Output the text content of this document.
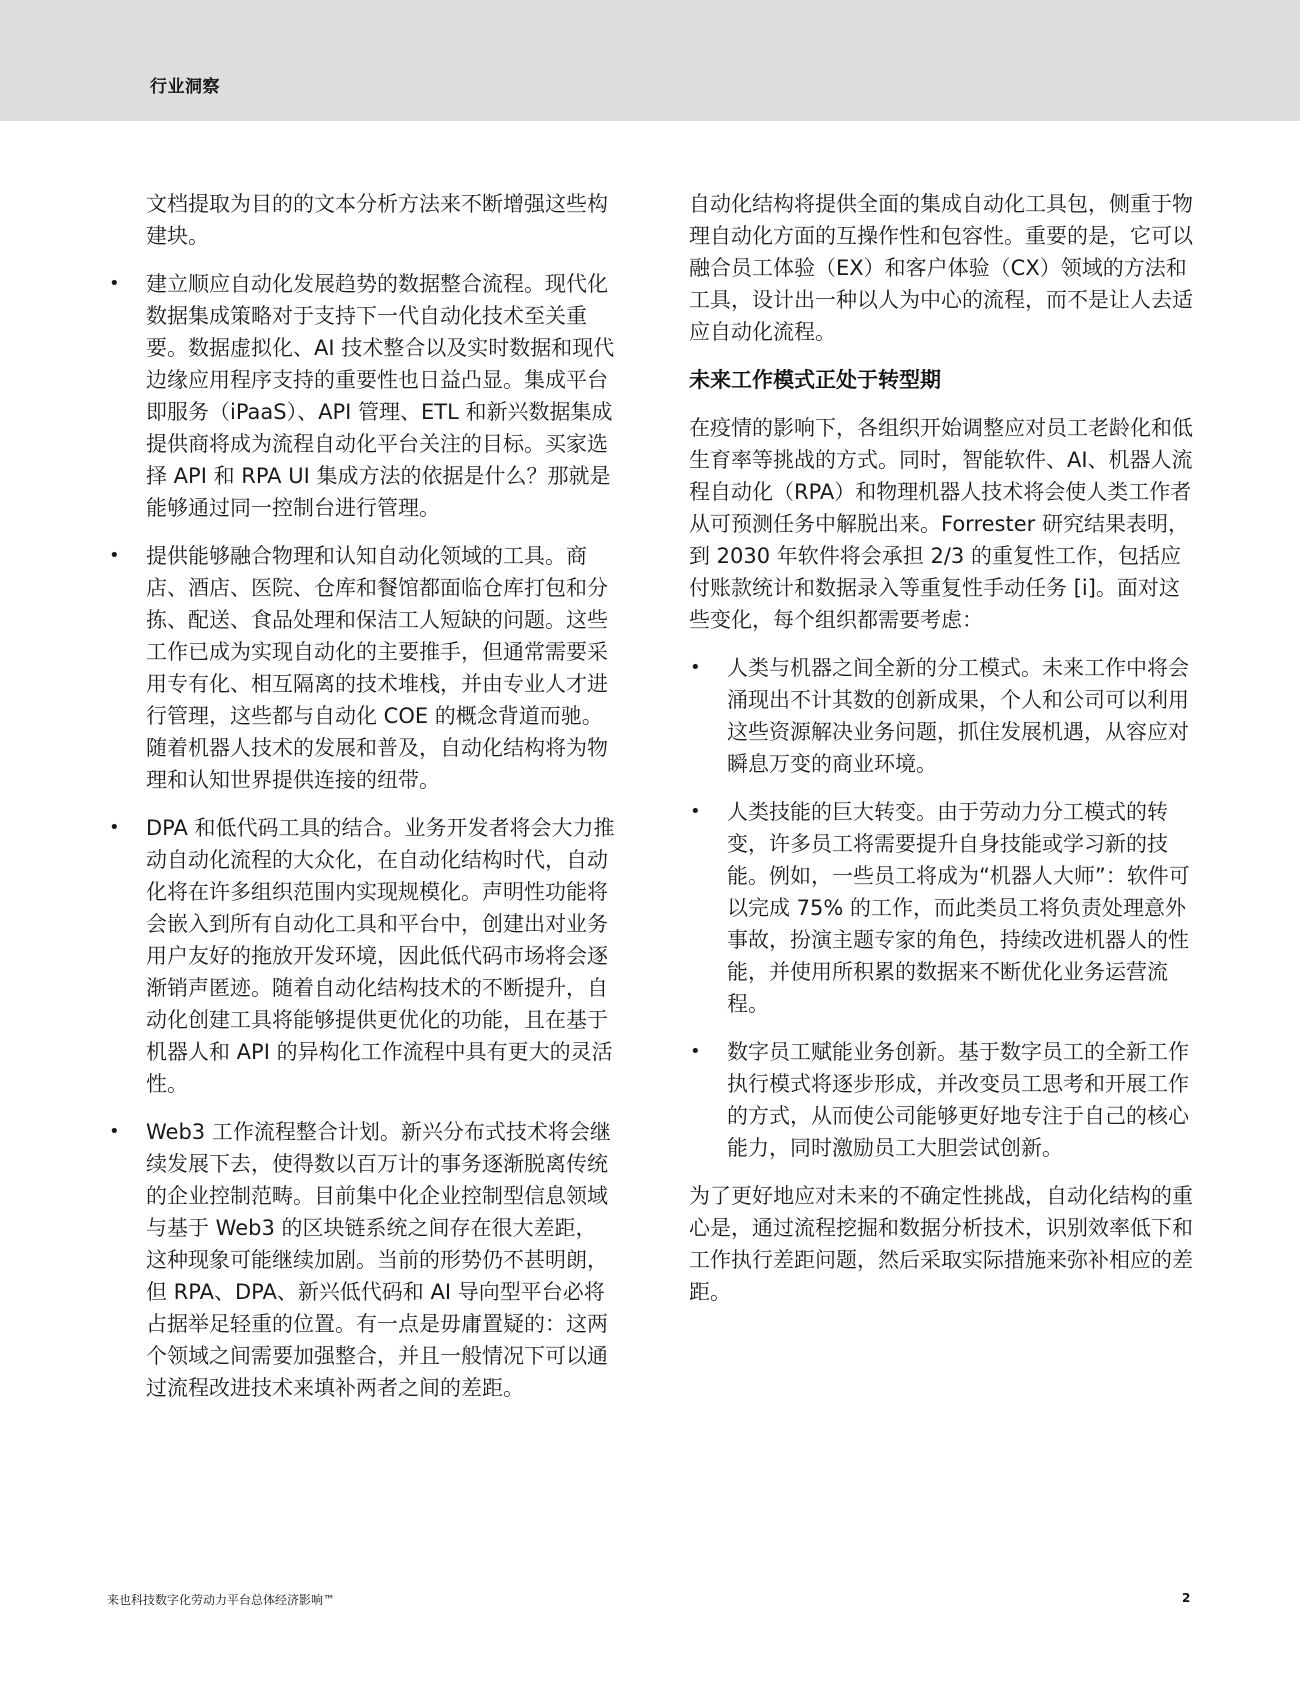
行业洞察

文档提取为目的的文本分析方法来不断增强这些构建块。

• 建立顺应自动化发展趋势的数据整合流程。现代化数据集成策略对于支持下一代自动化技术至关重要。数据虚拟化、AI 技术整合以及实时数据和现代边缘应用程序支持的重要性也日益凸显。集成平台即服务（iPaaS）、API 管理、ETL 和新兴数据集成提供商将成为流程自动化平台关注的目标。买家选择 API 和 RPA UI 集成方法的依据是什么？那就是能够通过同一控制台进行管理。
• 提供能够融合物理和认知自动化领域的工具。商店、酒店、医院、仓库和餐馆都面临仓库打包和分拣、配送、食品处理和保洁工人短缺的问题。这些工作已成为实现自动化的主要推手，但通常需要采用专有化、相互隔离的技术堆栈，并由专业人才进行管理，这些都与自动化 COE 的概念背道而驰。随着机器人技术的发展和普及，自动化结构将为物理和认知世界提供连接的纽带。
• DPA 和低代码工具的结合。业务开发者将会大力推动自动化流程的大众化，在自动化结构时代，自动化将在许多组织范围内实现规模化。声明性功能将会嵌入到所有自动化工具和平台中，创建出对业务用户友好的拖放开发环境，因此低代码市场将会逐渐销声匿迹。随着自动化结构技术的不断提升，自动化创建工具将能够提供更优化的功能，且在基于机器人和 API 的异构化工作流程中具有更大的灵活性。
• Web3 工作流程整合计划。新兴分布式技术将会继续发展下去，使得数以百万计的事务逐渐脱离传统的企业控制范畴。目前集中化企业控制型信息领域与基于 Web3 的区块链系统之间存在很大差距，这种现象可能继续加剧。当前的形势仍不甚明朗，但 RPA、DPA、新兴低代码和 AI 导向型平台必将占据举足轻重的位置。有一点是毋庸置疑的：这两个领域之间需要加强整合，并且一般情况下可以通过流程改进技术来填补两者之间的差距。

自动化结构将提供全面的集成自动化工具包，侧重于物理自动化方面的互操作性和包容性。重要的是，它可以融合员工体验（EX）和客户体验（CX）领域的方法和工具，设计出一种以人为中心的流程，而不是让人去适应自动化流程。

未来工作模式正处于转型期

在疫情的影响下，各组织开始调整应对员工老龄化和低生育率等挑战的方式。同时，智能软件、AI、机器人流程自动化（RPA）和物理机器人技术将会使人类工作者从可预测任务中解脱出来。Forrester 研究结果表明，到 2030 年软件将会承担 2/3 的重复性工作，包括应付账款统计和数据录入等重复性手动任务 [i]。面对这些变化，每个组织都需要考虑：

• 人类与机器之间全新的分工模式。未来工作中将会涌现出不计其数的创新成果，个人和公司可以利用这些资源解决业务问题，抓住发展机遇，从容应对瞬息万变的商业环境。
• 人类技能的巨大转变。由于劳动力分工模式的转变，许多员工将需要提升自身技能或学习新的技能。例如，一些员工将成为“机器人大师”：软件可以完成 75% 的工作，而此类员工将负责处理意外事故，扮演主题专家的角色，持续改进机器人的性能，并使用所积累的数据来不断优化业务运营流程。
• 数字员工赋能业务创新。基于数字员工的全新工作执行模式将逐步形成，并改变员工思考和开展工作的方式，从而使公司能够更好地专注于自己的核心能力，同时激励员工大胆尝试创新。

为了更好地应对未来的不确定性挑战，自动化结构的重心是，通过流程挖掘和数据分析技术，识别效率低下和工作执行差距问题，然后采取实际措施来弥补相应的差距。

来也科技数字化劳动力平台总体经济影响™	2
